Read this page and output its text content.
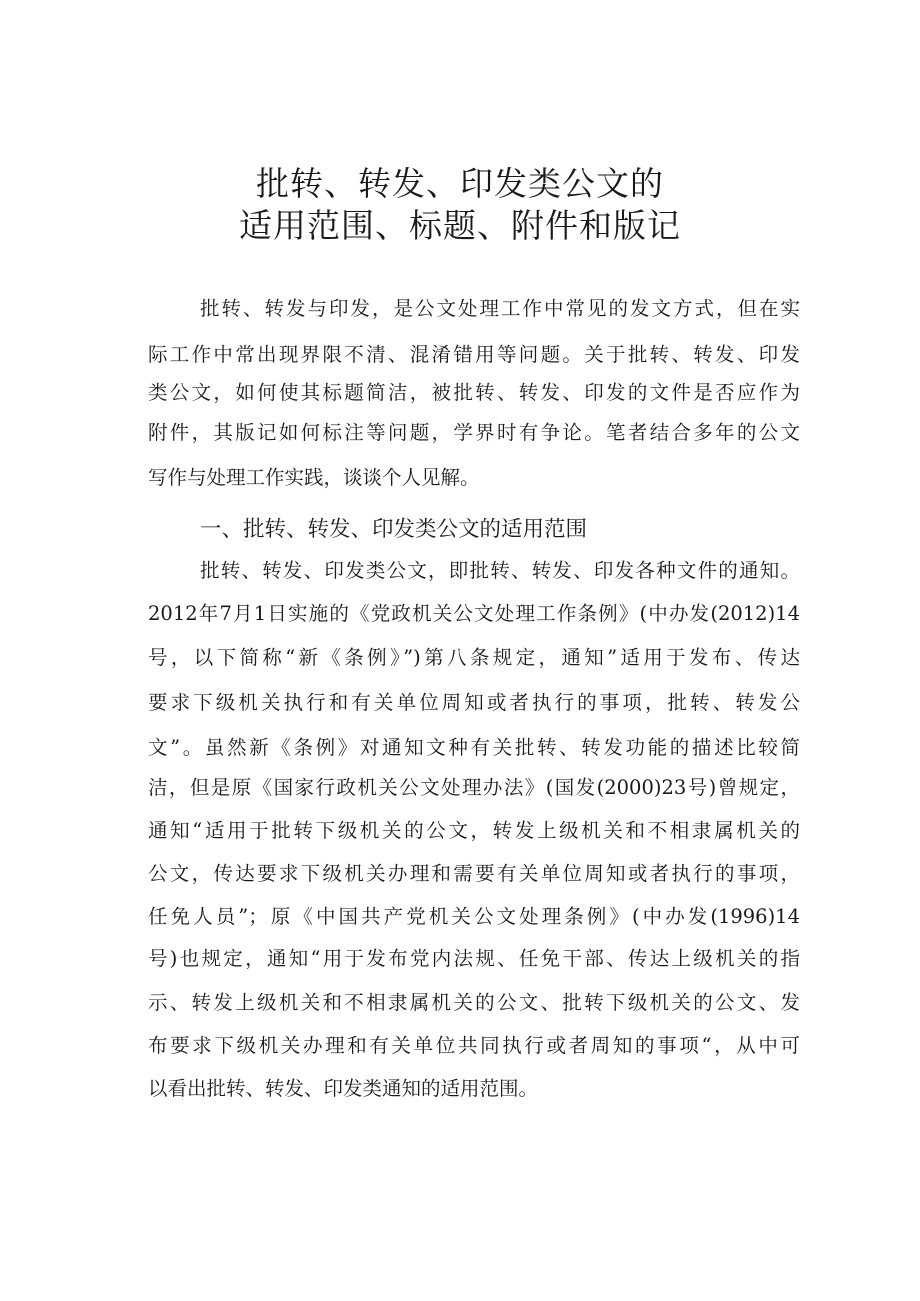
批转、转发、印发类公文的
适用范围、标题、附件和版记

批转、转发与印发，是公文处理工作中常见的发文方式，但在实

际工作中常出现界限不清、混淆错用等问题。关于批转、转发、印发

类公文，如何使其标题简洁，被批转、转发、印发的文件是否应作为

附件，其版记如何标注等问题，学界时有争论。笔者结合多年的公文

写作与处理工作实践，谈谈个人见解。

一、批转、转发、印发类公文的适用范围

批转、转发、印发类公文，即批转、转发、印发各种文件的通知。

2012年7月1日实施的《党政机关公文处理工作条例》(中办发(2012)14

号，以下简称“新《条例》”)第八条规定，通知”适用于发布、传达

要求下级机关执行和有关单位周知或者执行的事项，批转、转发公

文”。虽然新《条例》对通知文种有关批转、转发功能的描述比较简

洁，但是原《国家行政机关公文处理办法》(国发(2000)23号)曾规定，

通知“适用于批转下级机关的公文，转发上级机关和不相隶属机关的

公文，传达要求下级机关办理和需要有关单位周知或者执行的事项，

任免人员”；原《中国共产党机关公文处理条例》(中办发(1996)14

号)也规定，通知“用于发布党内法规、任免干部、传达上级机关的指

示、转发上级机关和不相隶属机关的公文、批转下级机关的公文、发

布要求下级机关办理和有关单位共同执行或者周知的事项“，从中可

以看出批转、转发、印发类通知的适用范围。
